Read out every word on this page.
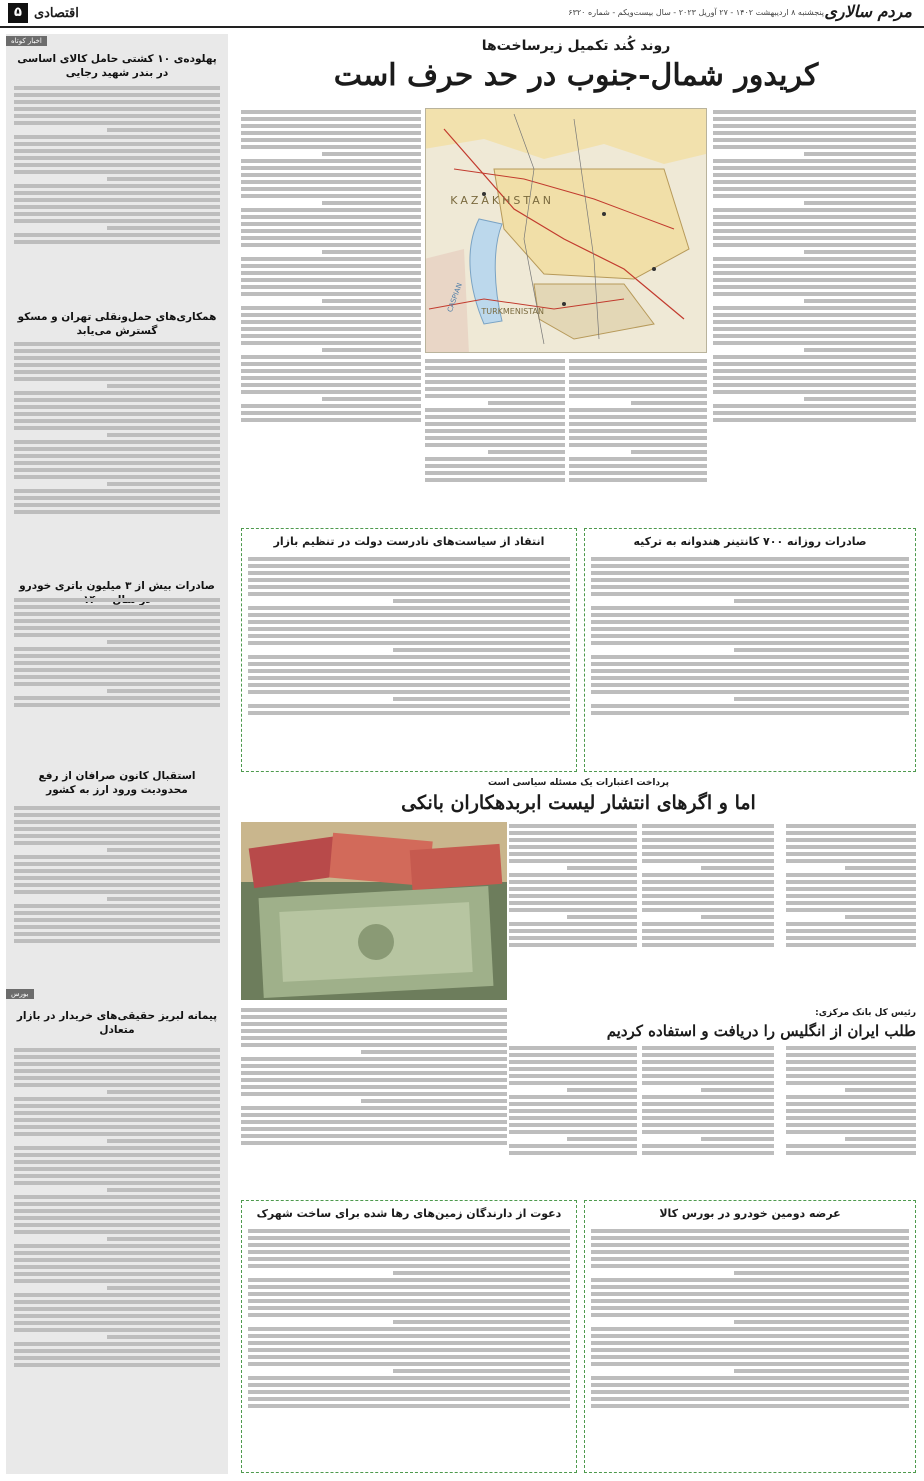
مردم سالاری
پنجشنبه ۸ اردیبهشت ۱۴۰۲ - ۲۷ آوریل ۲۰۲۳ - سال بیست‌و‌یکم - شماره ۶۳۲۰
اقتصادی
۵
اخبار کوتاه
پهلوده‌ی ۱۰ کشتی حامل کالای اساسی در بندر شهید رجایی
همکاری‌های حمل‌ونقلی تهران و مسکو گسترش می‌یابد
صادرات بیش از ۳ میلیون باتری خودرو
استقبال کانون صرافان از رفع محدودیت ورود ارز به کشور
بورس
پیمانه لبریز حقیقی‌های خریدار در بازار متعادل
روند کُند تکمیل زیرساخت‌ها
کریدور شمال-جنوب در حد حرف است
KAZAKHSTAN
TURKMENISTAN
CASPIAN
صادرات روزانه ۷۰۰ کانتینر هندوانه به ترکیه
انتقاد از سیاست‌های نادرست دولت در تنظیم بازار
پرداخت اعتبارات یک مسئله سیاسی است
اما و اگرهای انتشار لیست ابربدهکاران بانکی
رئیس کل بانک مرکزی:
طلب ایران از انگلیس را دریافت و استفاده کردیم
عرضه دومین خودرو در بورس کالا
دعوت از دارندگان زمین‌های رها شده برای ساخت شهرک
